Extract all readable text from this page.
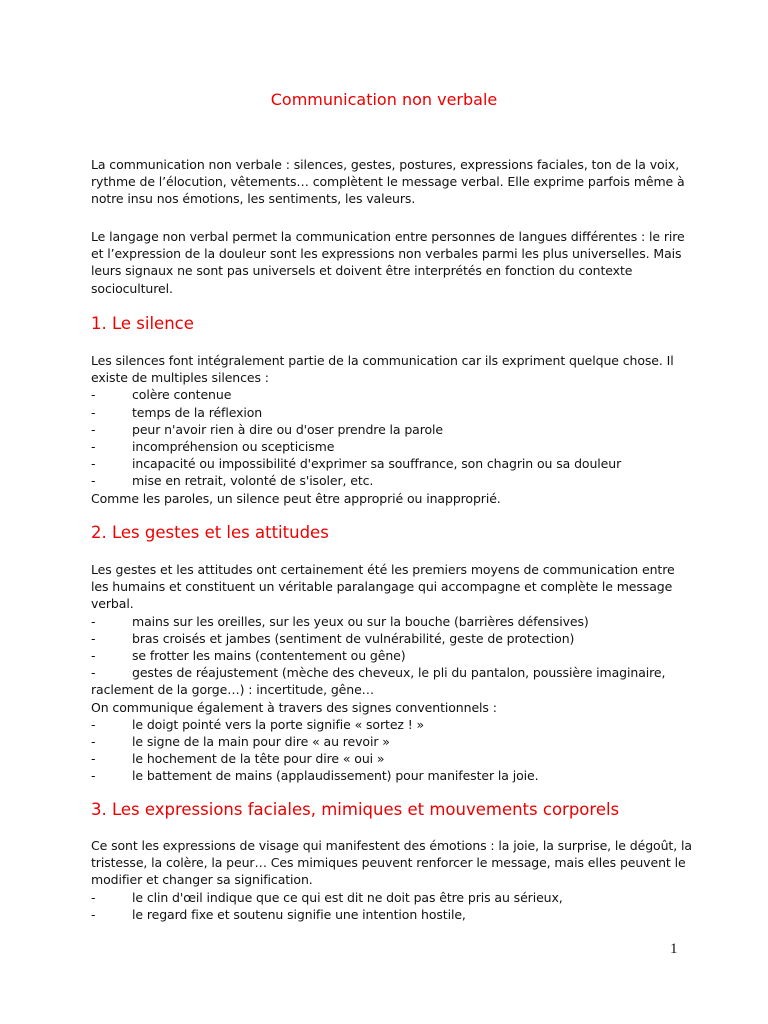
Communication non verbale

La communication non verbale : silences, gestes, postures, expressions faciales, ton de la voix,
rythme de l’élocution, vêtements… complètent le message verbal. Elle exprime parfois même à
notre insu nos émotions, les sentiments, les valeurs.

Le langage non verbal permet la communication entre personnes de langues différentes : le rire
et l’expression de la douleur sont les expressions non verbales parmi les plus universelles. Mais
leurs signaux ne sont pas universels et doivent être interprétés en fonction du contexte
socioculturel.

1. Le silence
Les silences font intégralement partie de la communication car ils expriment quelque chose. Il
existe de multiples silences :
-	colère contenue
-	temps de la réflexion
-	peur n'avoir rien à dire ou d'oser prendre la parole
-	incompréhension ou scepticisme
-	incapacité ou impossibilité d'exprimer sa souffrance, son chagrin ou sa douleur
-	mise en retrait, volonté de s'isoler, etc.
Comme les paroles, un silence peut être approprié ou inapproprié.
2. Les gestes et les attitudes
Les gestes et les attitudes ont certainement été les premiers moyens de communication entre
les humains et constituent un véritable paralangage qui accompagne et complète le message
verbal.
-	mains sur les oreilles, sur les yeux ou sur la bouche (barrières défensives)
-	bras croisés et jambes (sentiment de vulnérabilité, geste de protection)
-	se frotter les mains (contentement ou gêne)
-	gestes de réajustement (mèche des cheveux, le pli du pantalon, poussière imaginaire,
raclement de la gorge…) : incertitude, gêne…
On communique également à travers des signes conventionnels :
-	le doigt pointé vers la porte signifie « sortez ! »
-	le signe de la main pour dire « au revoir »
-	le hochement de la tête pour dire « oui »
-	le battement de mains (applaudissement) pour manifester la joie.
3. Les expressions faciales, mimiques et mouvements corporels
Ce sont les expressions de visage qui manifestent des émotions : la joie, la surprise, le dégoût, la
tristesse, la colère, la peur… Ces mimiques peuvent renforcer le message, mais elles peuvent le
modifier et changer sa signification.
-	le clin d'œil indique que ce qui est dit ne doit pas être pris au sérieux,
-	le regard fixe et soutenu signifie une intention hostile,
1
